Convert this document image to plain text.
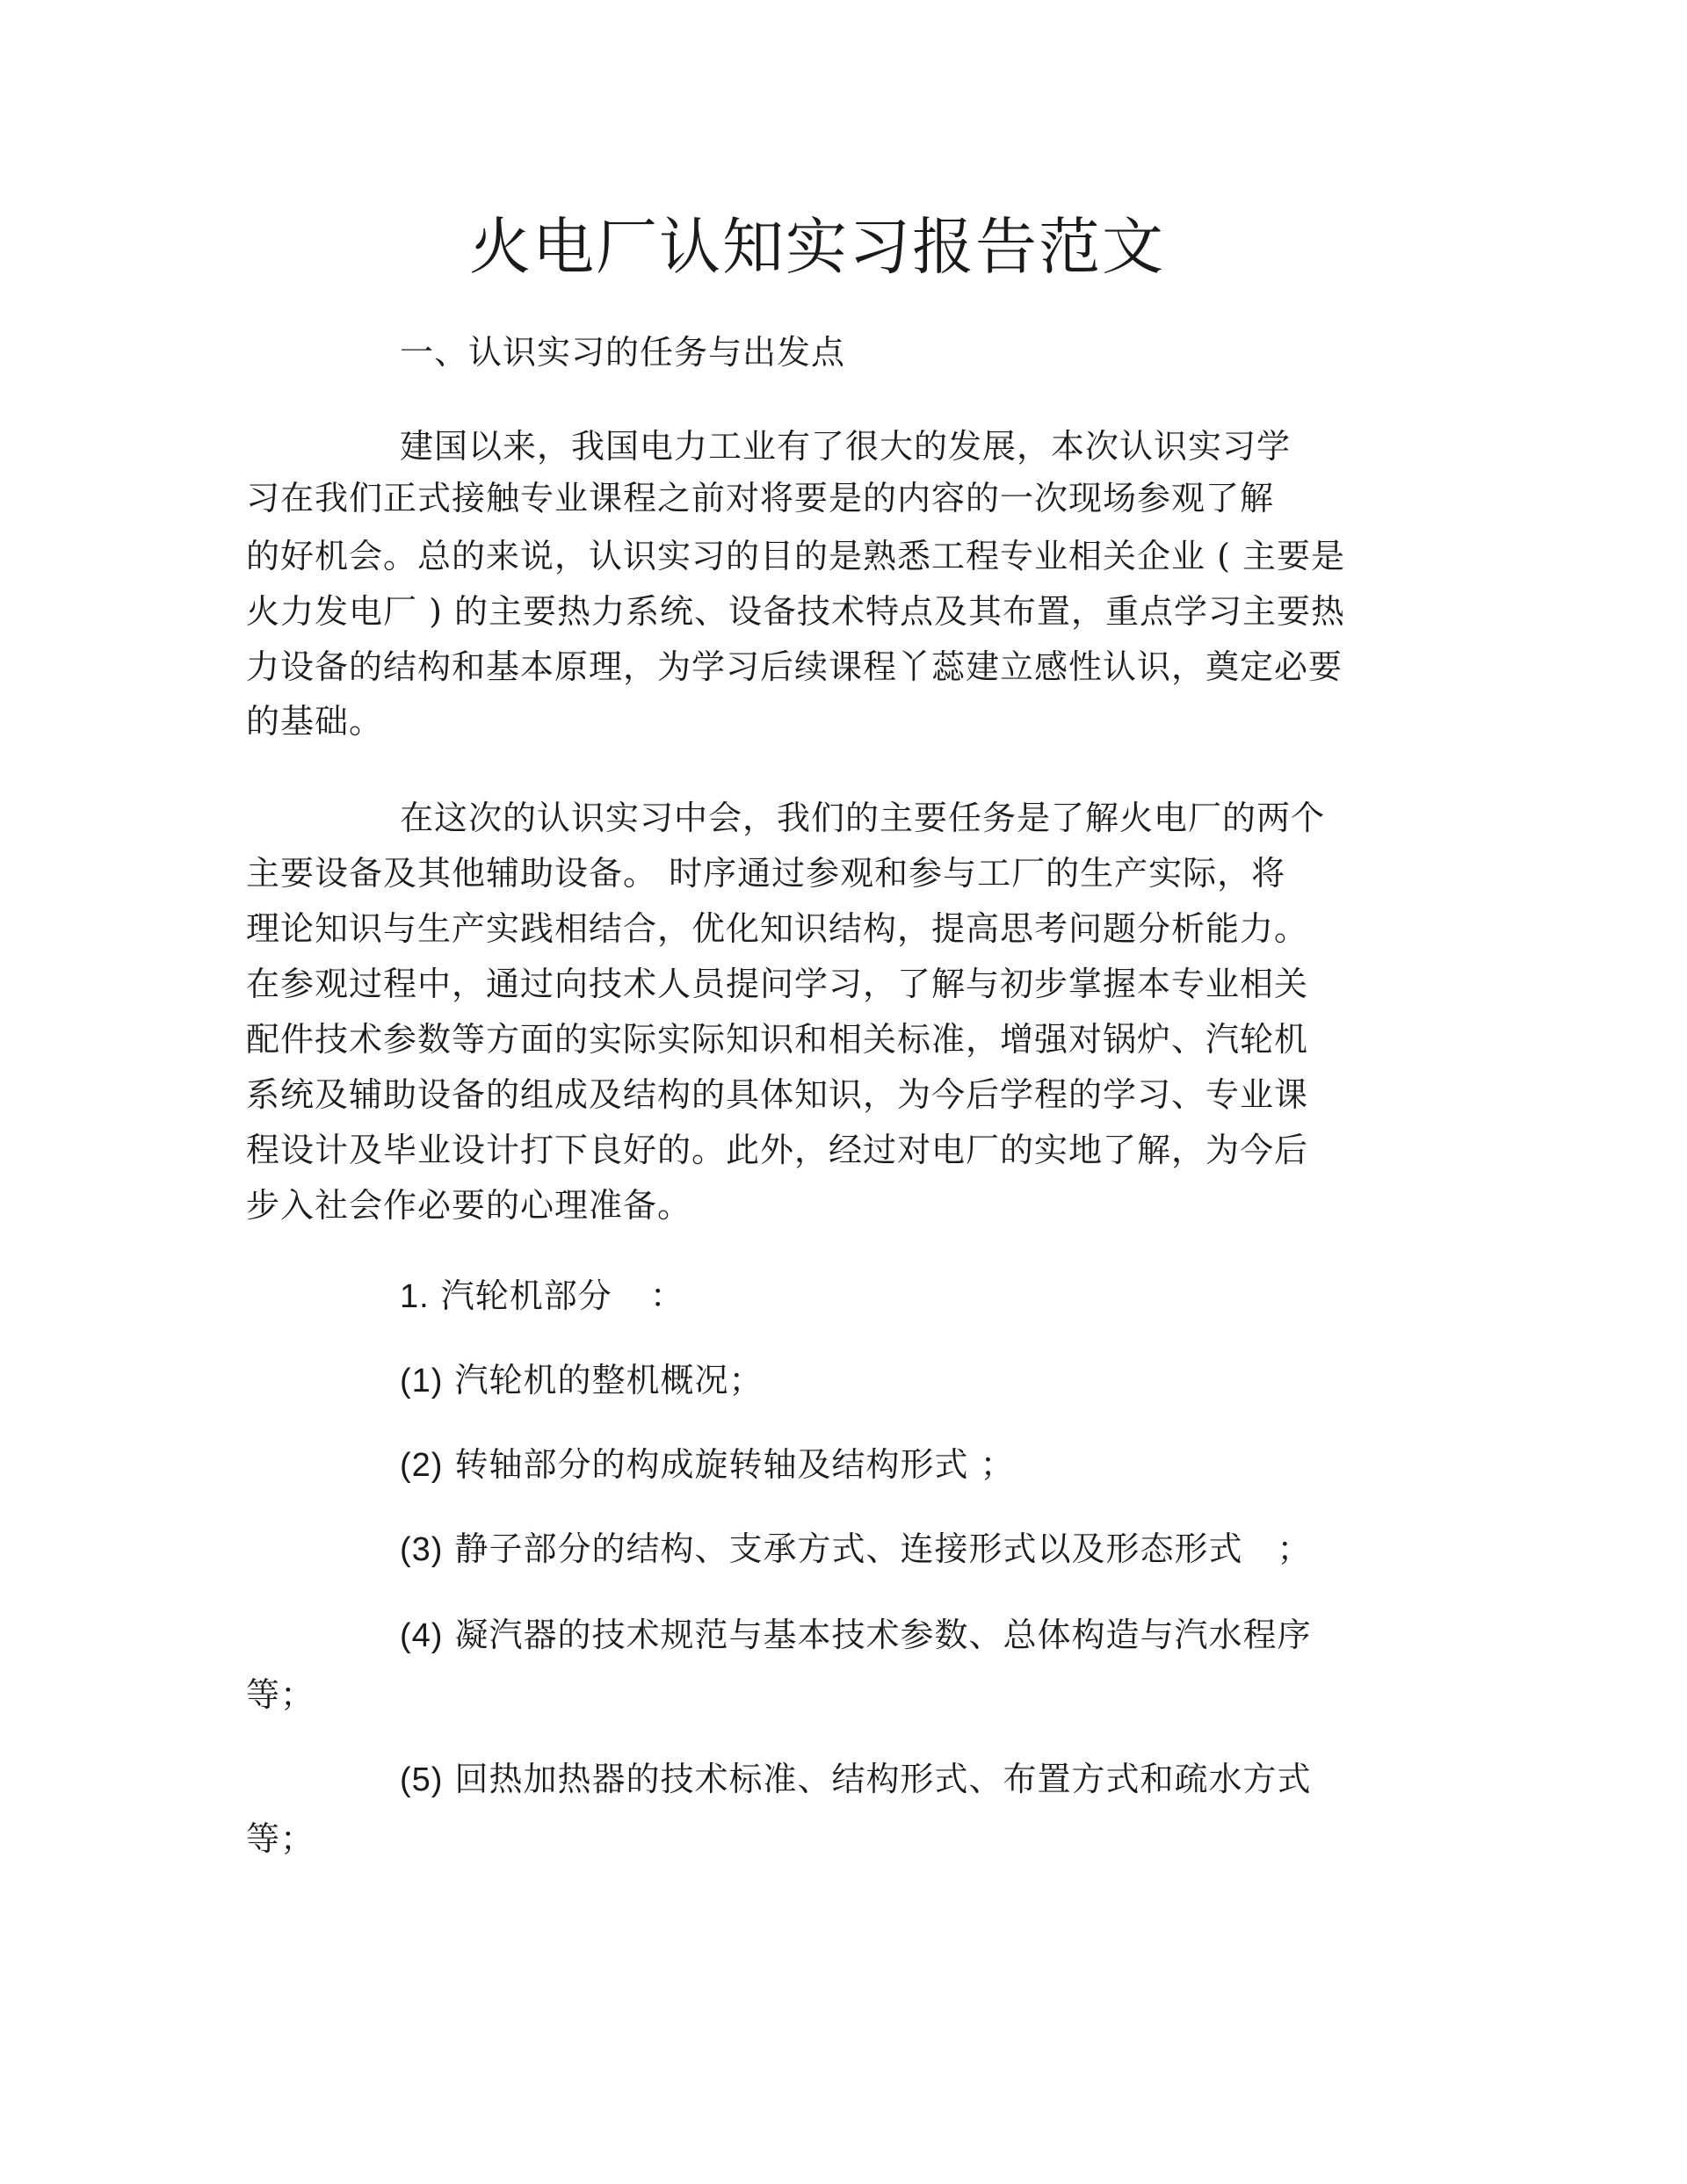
火电厂认知实习报告范文

一、认识实习的任务与出发点

建国以来，我国电力工业有了很大的发展，本次认识实习学

习在我们正式接触专业课程之前对将要是的内容的一次现场参观了解

的好机会。总的来说，认识实习的目的是熟悉工程专业相关企业 ( 主要是

火力发电厂 ) 的主要热力系统、设备技术特点及其布置，重点学习主要热

力设备的结构和基本原理，为学习后续课程丫蕊建立感性认识，奠定必要

的基础。

在这次的认识实习中会，我们的主要任务是了解火电厂的两个

主要设备及其他辅助设备。 时序通过参观和参与工厂的生产实际，将

理论知识与生产实践相结合，优化知识结构，提高思考问题分析能力。

在参观过程中，通过向技术人员提问学习，了解与初步掌握本专业相关

配件技术参数等方面的实际实际知识和相关标准，增强对锅炉、汽轮机

系统及辅助设备的组成及结构的具体知识，为今后学程的学习、专业课

程设计及毕业设计打下良好的。此外，经过对电厂的实地了解，为今后

步入社会作必要的心理准备。

1. 汽轮机部分 ：

(1) 汽轮机的整机概况；

(2) 转轴部分的构成旋转轴及结构形式 ；

(3) 静子部分的结构、支承方式、连接形式以及形态形式　；

(4) 凝汽器的技术规范与基本技术参数、总体构造与汽水程序

等；

(5) 回热加热器的技术标准、结构形式、布置方式和疏水方式

等；
